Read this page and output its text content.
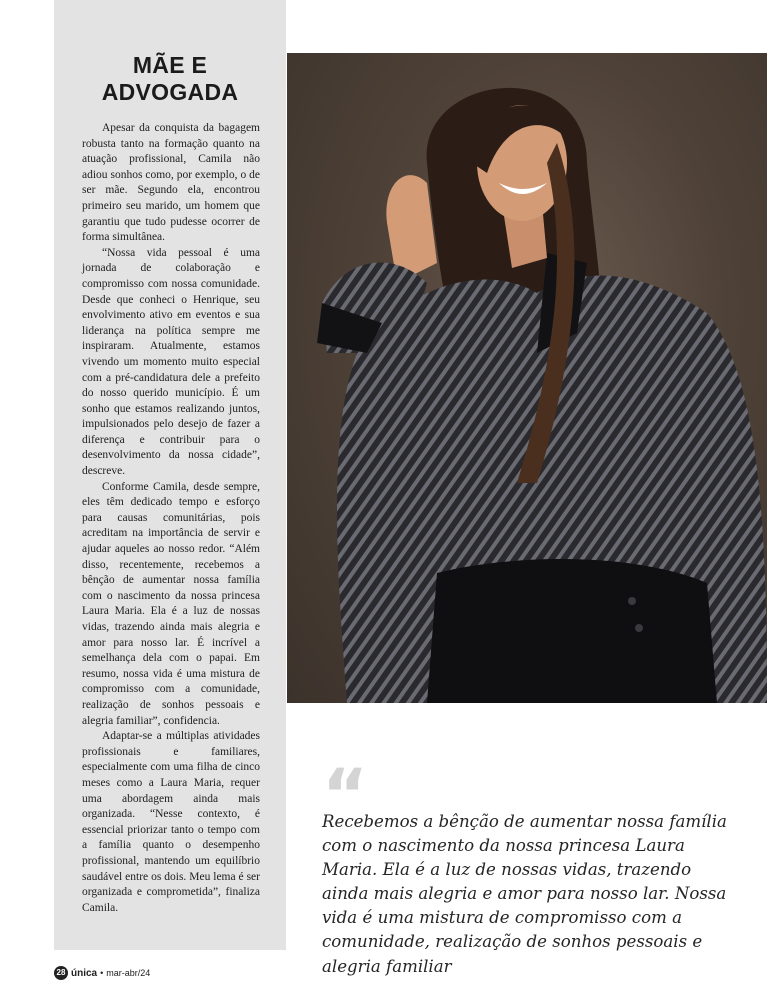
MÃE E
ADVOGADA

Apesar da conquista da bagagem robusta tanto na formação quanto na atuação profissional, Camila não adiou sonhos como, por exemplo, o de ser mãe. Segundo ela, encontrou primeiro seu marido, um homem que garantiu que tudo pudesse ocorrer de forma simultânea.

“Nossa vida pessoal é uma jornada de colaboração e compromisso com nossa comunidade. Desde que conheci o Henrique, seu envolvimento ativo em eventos e sua liderança na política sempre me inspiraram. Atualmente, estamos vivendo um momento muito especial com a pré-candidatura dele a prefeito do nosso querido município. É um sonho que estamos realizando juntos, impulsionados pelo desejo de fazer a diferença e contribuir para o desenvolvimento da nossa cidade”, descreve.

Conforme Camila, desde sempre, eles têm dedicado tempo e esforço para causas comunitárias, pois acreditam na importância de servir e ajudar aqueles ao nosso redor. “Além disso, recentemente, recebemos a bênção de aumentar nossa família com o nascimento da nossa princesa Laura Maria. Ela é a luz de nossas vidas, trazendo ainda mais alegria e amor para nosso lar. É incrível a semelhança dela com o papai. Em resumo, nossa vida é uma mistura de compromisso com a comunidade, realização de sonhos pessoais e alegria familiar”, confidencia.

Adaptar-se a múltiplas atividades profissionais e familiares, especialmente com uma filha de cinco meses como a Laura Maria, requer uma abordagem ainda mais organizada. “Nesse contexto, é essencial priorizar tanto o tempo com a família quanto o desempenho profissional, mantendo um equilíbrio saudável entre os dois. Meu lema é ser organizada e comprometida”, finaliza Camila.

“

Recebemos a bênção de aumentar nossa família com o nascimento da nossa princesa Laura Maria. Ela é a luz de nossas vidas, trazendo ainda mais alegria e amor para nosso lar. Nossa vida é uma mistura de compromisso com a comunidade, realização de sonhos pessoais e alegria familiar

28 única • mar-abr/24
